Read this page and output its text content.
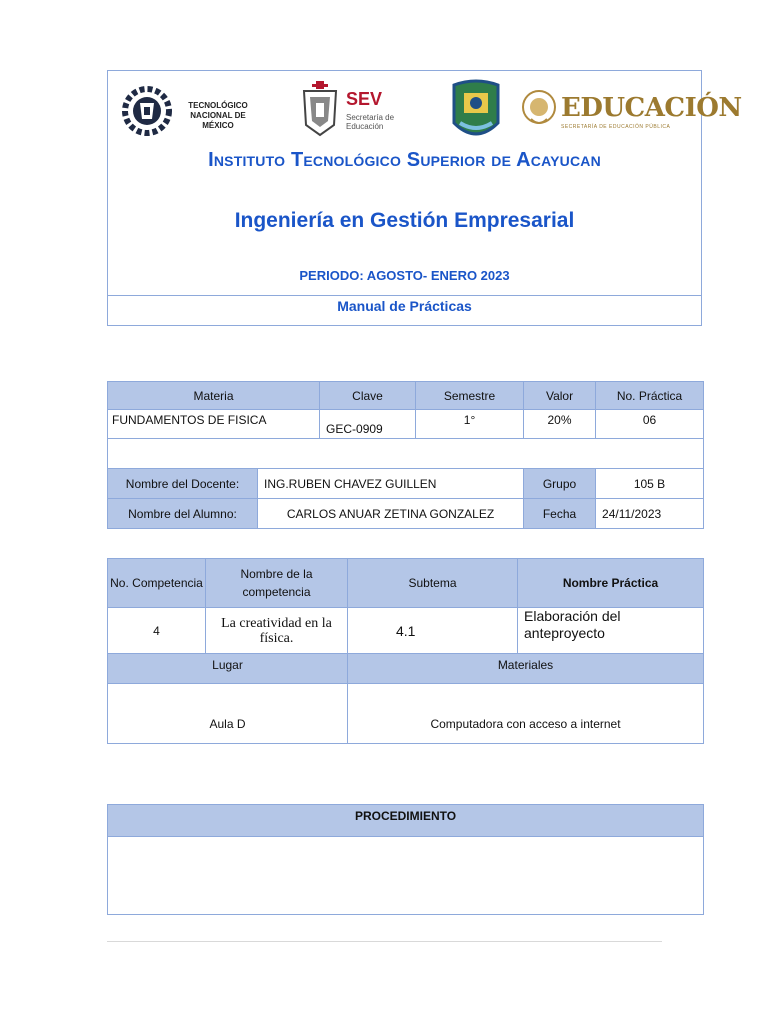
TECNOLÓGICO NACIONAL DE MÉXICO
SEV
Secretaría de Educación
EDUCACIÓN
SECRETARÍA DE EDUCACIÓN PÚBLICA
Instituto Tecnológico Superior de Acayucan
Ingeniería en Gestión Empresarial
PERIODO: AGOSTO- ENERO 2023
Manual de Prácticas
Materia		Clave	Semestre	Valor	No. Práctica
FUNDAMENTOS DE FISICA		GEC-0909	1°	20%	06

Nombre del Docente:	ING.RUBEN CHAVEZ GUILLEN			Grupo	105 B
Nombre del Alumno:	CARLOS ANUAR ZETINA GONZALEZ			Fecha	24/11/2023
No. Competencia	Nombre de la competencia	Subtema	Nombre Práctica
4	La creatividad en la física.	4.1	Elaboración del anteproyecto
Lugar		Materiales	
Aula D		Computadora con acceso a internet	
PROCEDIMIENTO
